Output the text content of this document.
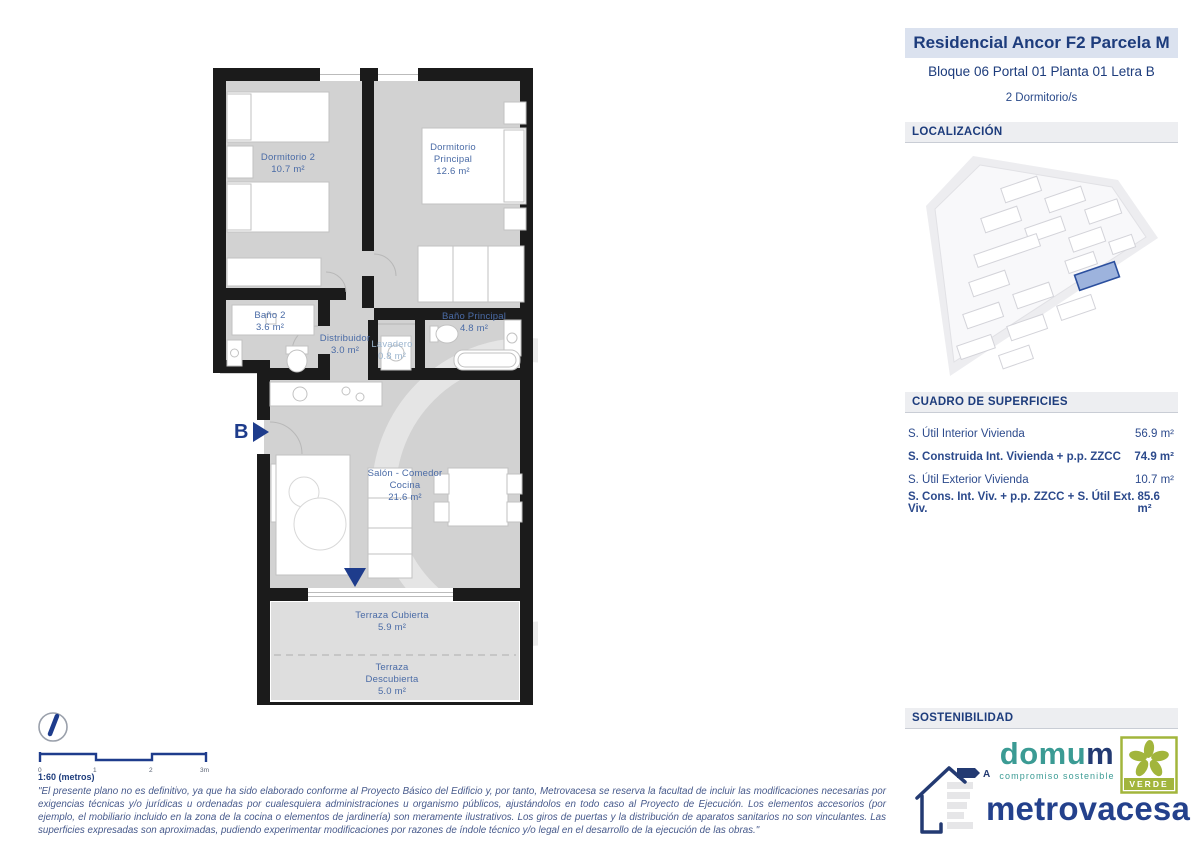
Dormitorio 2
10.7 m²
Dormitorio Principal
12.6 m²
Baño 2
3.6 m²
Distribuidor
3.0 m²
Lavadero
0.8 m²
Baño Principal
4.8 m²
Salón - Comedor Cocina
21.6 m²
Terraza Cubierta
5.9 m²
Terraza Descubierta
5.0 m²
B
Residencial Ancor F2 Parcela M
Bloque 06 Portal 01 Planta 01 Letra B
2 Dormitorio/s
LOCALIZACIÓN
CUADRO DE SUPERFICIES
S. Útil Interior Vivienda	56.9 m²
S. Construida Int. Vivienda + p.p. ZZCC 74.9 m²
S. Útil Exterior Vivienda	10.7 m²
S. Cons. Int. Viv. + p.p. ZZCC + S. Útil Ext. Viv.
85.6 m²
SOSTENIBILIDAD
A
domum
compromiso sostenible
VERDE
metrovacesa
0	1	2	3m
1:60 (metros)
"El presente plano no es definitivo, ya que ha sido elaborado conforme al Proyecto Básico del Edificio y, por tanto, Metrovacesa se reserva la facultad de incluir las modificaciones necesarias por exigencias técnicas y/o jurídicas u ordenadas por cualesquiera administraciones u organismo públicos, ajustándolos en todo caso al Proyecto de Ejecución. Los elementos accesorios (por ejemplo, el mobiliario incluido en la zona de la cocina o elementos de jardinería) son meramente ilustrativos. Los giros de puertas y la distribución de aparatos sanitarios no son vinculantes. Las superficies expresadas son aproximadas, pudiendo experimentar modificaciones por razones de índole técnico y/o legal en el desarrollo de la ejecución de las obras."
